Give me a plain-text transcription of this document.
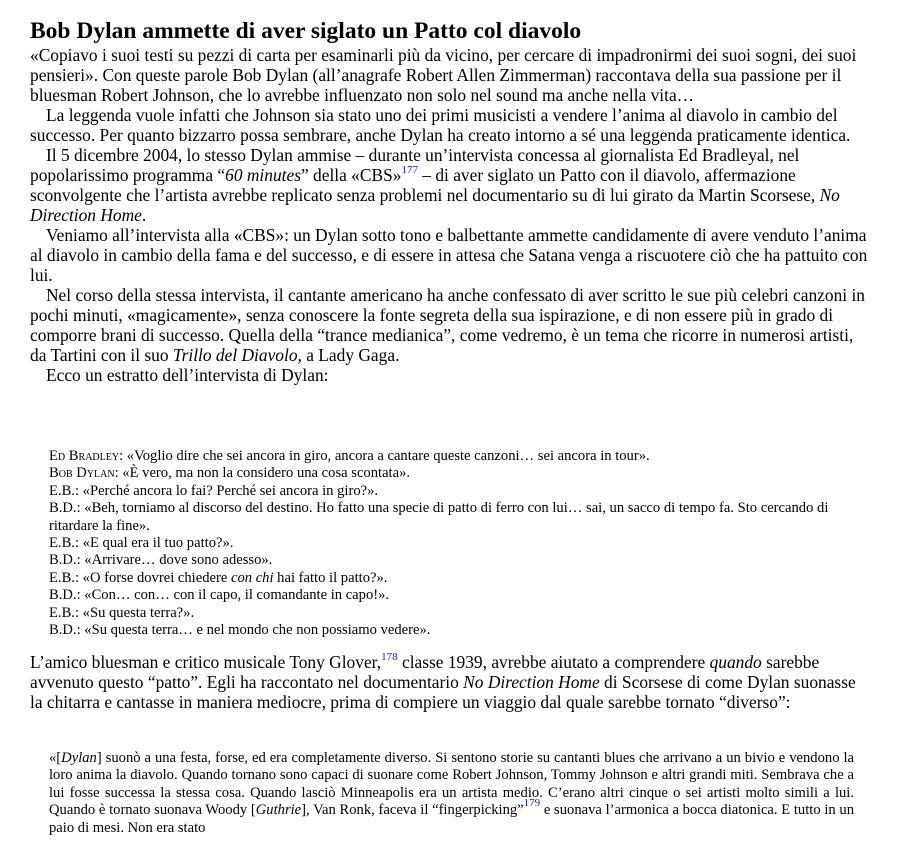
Bob Dylan ammette di aver siglato un Patto col diavolo

«Copiavo i suoi testi su pezzi di carta per esaminarli più da vicino, per cercare di impadronirmi dei suoi sogni, dei suoi pensieri». Con queste parole Bob Dylan (all’anagrafe Robert Allen Zimmerman) raccontava della sua passione per il bluesman Robert Johnson, che lo avrebbe influenzato non solo nel sound ma anche nella vita…

La leggenda vuole infatti che Johnson sia stato uno dei primi musicisti a vendere l’anima al diavolo in cambio del successo. Per quanto bizzarro possa sembrare, anche Dylan ha creato intorno a sé una leggenda praticamente identica.

Il 5 dicembre 2004, lo stesso Dylan ammise – durante un’intervista concessa al giornalista Ed Bradleyal, nel popolarissimo programma “60 minutes” della «CBS»$^{177}$ – di aver siglato un Patto con il diavolo, affermazione sconvolgente che l’artista avrebbe replicato senza problemi nel documentario su di lui girato da Martin Scorsese, No Direction Home.

Veniamo all’intervista alla «CBS»: un Dylan sotto tono e balbettante ammette candidamente di avere venduto l’anima al diavolo in cambio della fama e del successo, e di essere in attesa che Satana venga a riscuotere ciò che ha pattuito con lui.

Nel corso della stessa intervista, il cantante americano ha anche confessato di aver scritto le sue più celebri canzoni in pochi minuti, «magicamente», senza conoscere la fonte segreta della sua ispirazione, e di non essere più in grado di comporre brani di successo. Quella della “trance medianica”, come vedremo, è un tema che ricorre in numerosi artisti, da Tartini con il suo Trillo del Diavolo, a Lady Gaga.

Ecco un estratto dell’intervista di Dylan:

Ed Bradley: «Voglio dire che sei ancora in giro, ancora a cantare queste canzoni… sei ancora in tour».

Bob Dylan: «È vero, ma non la considero una cosa scontata».

E.B.: «Perché ancora lo fai? Perché sei ancora in giro?».

B.D.: «Beh, torniamo al discorso del destino. Ho fatto una specie di patto di ferro con lui… sai, un sacco di tempo fa. Sto cercando di ritardare la fine».

E.B.: «E qual era il tuo patto?».

B.D.: «Arrivare… dove sono adesso».

E.B.: «O forse dovrei chiedere con chi hai fatto il patto?».

B.D.: «Con… con… con il capo, il comandante in capo!».

E.B.: «Su questa terra?».

B.D.: «Su questa terra… e nel mondo che non possiamo vedere».

L’amico bluesman e critico musicale Tony Glover,$^{178}$ classe 1939, avrebbe aiutato a comprendere quando sarebbe avvenuto questo “patto”. Egli ha raccontato nel documentario No Direction Home di Scorsese di come Dylan suonasse la chitarra e cantasse in maniera mediocre, prima di compiere un viaggio dal quale sarebbe tornato “diverso”:

«[Dylan] suonò a una festa, forse, ed era completamente diverso. Si sentono storie su cantanti blues che arrivano a un bivio e vendono la loro anima la diavolo. Quando tornano sono capaci di suonare come Robert Johnson, Tommy Johnson e altri grandi miti. Sembrava che a lui fosse successa la stessa cosa. Quando lasciò Minneapolis era un artista medio. C’erano altri cinque o sei artisti molto simili a lui. Quando è tornato suonava Woody [Guthrie], Van Ronk, faceva il “fingerpicking”$^{179}$ e suonava l’armonica a bocca diatonica. E tutto in un paio di mesi. Non era stato
